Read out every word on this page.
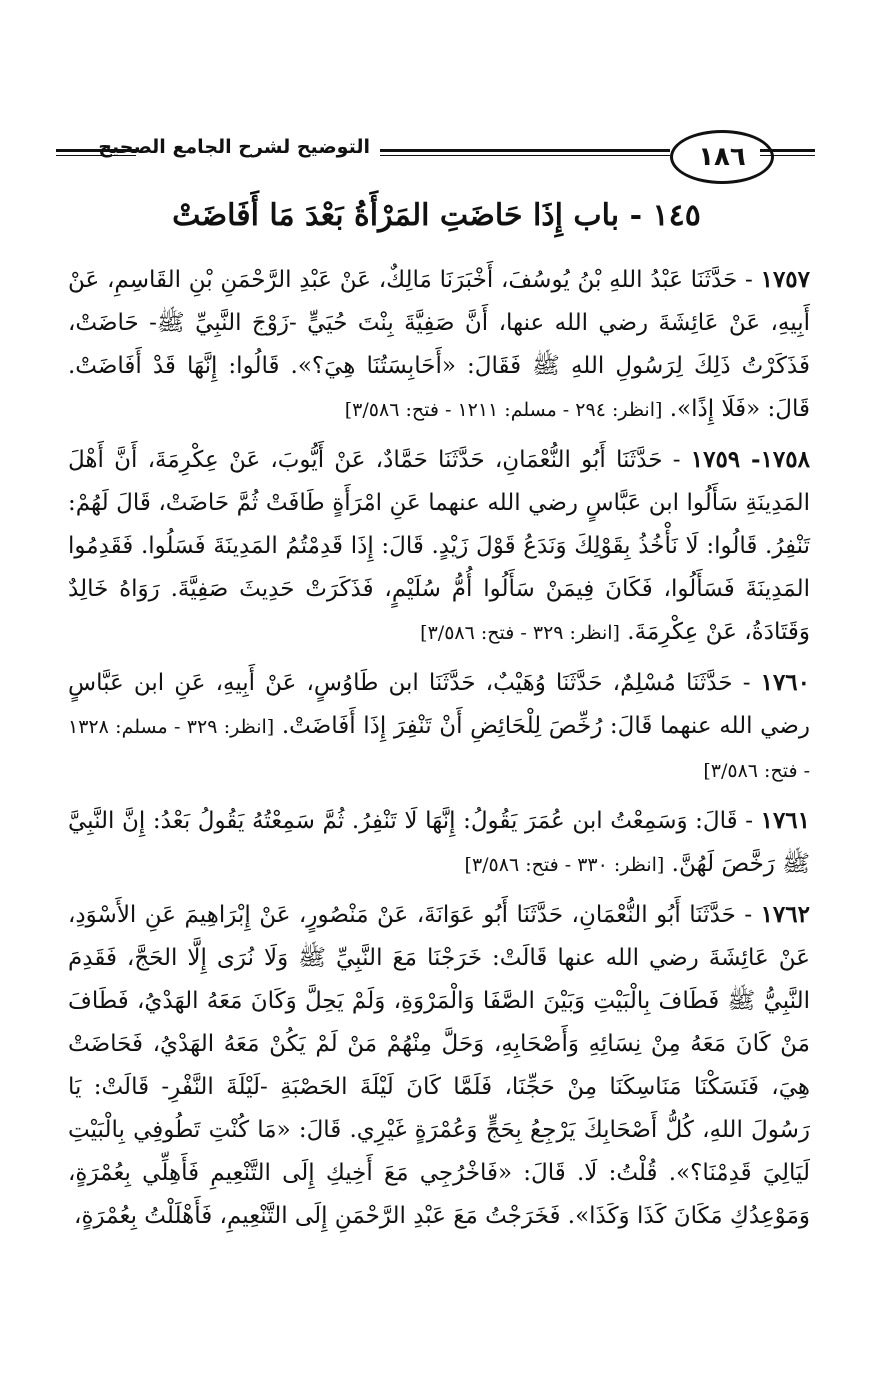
التوضيح لشرح الجامع الصحيح	١٨٦
١٤٥ - باب إِذَا حَاضَتِ المَرْأَةُ بَعْدَ مَا أَفَاضَتْ

١٧٥٧ - حَدَّثَنَا عَبْدُ اللهِ بْنُ يُوسُفَ، أَخْبَرَنَا مَالِكٌ، عَنْ عَبْدِ الرَّحْمَنِ بْنِ القَاسِمِ، عَنْ أَبِيهِ، عَنْ عَائِشَةَ رضي الله عنها، أَنَّ صَفِيَّةَ بِنْتَ حُيَيٍّ -زَوْجَ النَّبِيِّ ﷺ- حَاضَتْ، فَذَكَرْتُ ذَلِكَ لِرَسُولِ اللهِ ﷺ فَقَالَ: «أَحَابِسَتُنَا هِيَ؟». قَالُوا: إِنَّهَا قَدْ أَفَاضَتْ. قَالَ: «فَلَا إِذًا». [انظر: ٢٩٤ - مسلم: ١٢١١ - فتح: ٣/٥٨٦]

١٧٥٨- ١٧٥٩ - حَدَّثَنَا أَبُو النُّعْمَانِ، حَدَّثَنَا حَمَّادٌ، عَنْ أَيُّوبَ، عَنْ عِكْرِمَةَ، أَنَّ أَهْلَ المَدِينَةِ سَأَلُوا ابن عَبَّاسٍ رضي الله عنهما عَنِ امْرَأَةٍ طَافَتْ ثُمَّ حَاضَتْ، قَالَ لَهُمْ: تَنْفِرُ. قَالُوا: لَا نَأْخُذُ بِقَوْلِكَ وَنَدَعُ قَوْلَ زَيْدٍ. قَالَ: إِذَا قَدِمْتُمُ المَدِينَةَ فَسَلُوا. فَقَدِمُوا المَدِينَةَ فَسَأَلُوا، فَكَانَ فِيمَنْ سَأَلُوا أُمُّ سُلَيْمٍ، فَذَكَرَتْ حَدِيثَ صَفِيَّةَ. رَوَاهُ خَالِدٌ وَقَتَادَةُ، عَنْ عِكْرِمَةَ. [انظر: ٣٢٩ - فتح: ٣/٥٨٦]

١٧٦٠ - حَدَّثَنَا مُسْلِمٌ، حَدَّثَنَا وُهَيْبٌ، حَدَّثَنَا ابن طَاوُسٍ، عَنْ أَبِيهِ، عَنِ ابن عَبَّاسٍ رضي الله عنهما قَالَ: رُخِّصَ لِلْحَائِضِ أَنْ تَنْفِرَ إِذَا أَفَاضَتْ. [انظر: ٣٢٩ - مسلم: ١٣٢٨ - فتح: ٣/٥٨٦]

١٧٦١ - قَالَ: وَسَمِعْتُ ابن عُمَرَ يَقُولُ: إِنَّهَا لَا تَنْفِرُ. ثُمَّ سَمِعْتُهُ يَقُولُ بَعْدُ: إِنَّ النَّبِيَّ ﷺ رَخَّصَ لَهُنَّ. [انظر: ٣٣٠ - فتح: ٣/٥٨٦]

١٧٦٢ - حَدَّثَنَا أَبُو النُّعْمَانِ، حَدَّثَنَا أَبُو عَوَانَةَ، عَنْ مَنْصُورٍ، عَنْ إِبْرَاهِيمَ عَنِ الأَسْوَدِ، عَنْ عَائِشَةَ رضي الله عنها قَالَتْ: خَرَجْنَا مَعَ النَّبِيِّ ﷺ وَلَا نُرَى إِلَّا الحَجَّ، فَقَدِمَ النَّبِيُّ ﷺ فَطَافَ بِالْبَيْتِ وَبَيْنَ الصَّفَا وَالْمَرْوَةِ، وَلَمْ يَحِلَّ وَكَانَ مَعَهُ الهَدْيُ، فَطَافَ مَنْ كَانَ مَعَهُ مِنْ نِسَائِهِ وَأَصْحَابِهِ، وَحَلَّ مِنْهُمْ مَنْ لَمْ يَكُنْ مَعَهُ الهَدْيُ، فَحَاضَتْ هِيَ، فَنَسَكْنَا مَنَاسِكَنَا مِنْ حَجِّنَا، فَلَمَّا كَانَ لَيْلَةَ الحَصْبَةِ -لَيْلَةَ النَّفْرِ- قَالَتْ: يَا رَسُولَ اللهِ، كُلُّ أَصْحَابِكَ يَرْجِعُ بِحَجٍّ وَعُمْرَةٍ غَيْرِي. قَالَ: «مَا كُنْتِ تَطُوفِي بِالْبَيْتِ لَيَالِيَ قَدِمْنَا؟». قُلْتُ: لَا. قَالَ: «فَاخْرُجِي مَعَ أَخِيكِ إِلَى التَّنْعِيمِ فَأَهِلِّي بِعُمْرَةٍ، وَمَوْعِدُكِ مَكَانَ كَذَا وَكَذَا». فَخَرَجْتُ مَعَ عَبْدِ الرَّحْمَنِ إِلَى التَّنْعِيمِ، فَأَهْلَلْتُ بِعُمْرَةٍ،
